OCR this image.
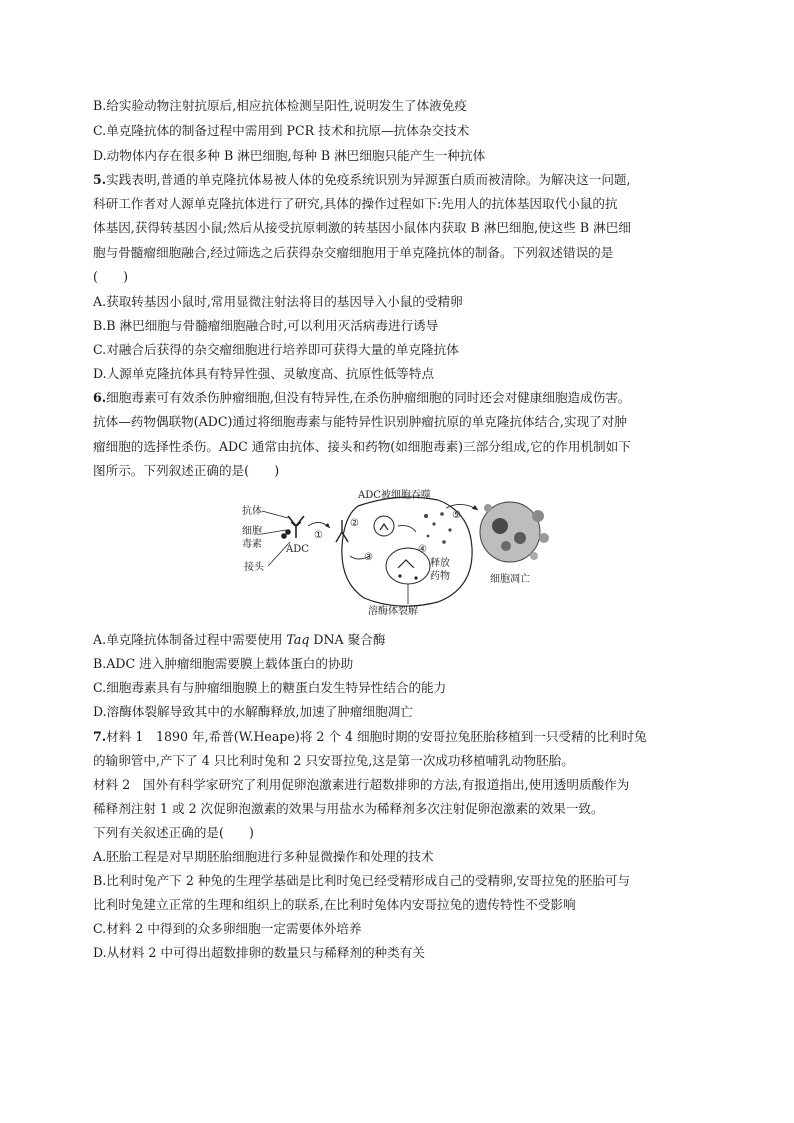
B.给实验动物注射抗原后,相应抗体检测呈阳性,说明发生了体液免疫
C.单克隆抗体的制备过程中需用到 PCR 技术和抗原—抗体杂交技术
D.动物体内存在很多种 B 淋巴细胞,每种 B 淋巴细胞只能产生一种抗体
5.实践表明,普通的单克隆抗体易被人体的免疫系统识别为异源蛋白质而被清除。为解决这一问题,
科研工作者对人源单克隆抗体进行了研究,具体的操作过程如下:先用人的抗体基因取代小鼠的抗
体基因,获得转基因小鼠;然后从接受抗原刺激的转基因小鼠体内获取 B 淋巴细胞,使这些 B 淋巴细
胞与骨髓瘤细胞融合,经过筛选之后获得杂交瘤细胞用于单克隆抗体的制备。下列叙述错误的是
(　　)
A.获取转基因小鼠时,常用显微注射法将目的基因导入小鼠的受精卵
B.B 淋巴细胞与骨髓瘤细胞融合时,可以利用灭活病毒进行诱导
C.对融合后获得的杂交瘤细胞进行培养即可获得大量的单克隆抗体
D.人源单克隆抗体具有特异性强、灵敏度高、抗原性低等特点
6.细胞毒素可有效杀伤肿瘤细胞,但没有特异性,在杀伤肿瘤细胞的同时还会对健康细胞造成伤害。
抗体—药物偶联物(ADC)通过将细胞毒素与能特异性识别肿瘤抗原的单克隆抗体结合,实现了对肿
瘤细胞的选择性杀伤。ADC 通常由抗体、接头和药物(如细胞毒素)三部分组成,它的作用机制如下
图所示。下列叙述正确的是(　　)
A.单克隆抗体制备过程中需要使用 Taq DNA 聚合酶
B.ADC 进入肿瘤细胞需要膜上载体蛋白的协助
C.细胞毒素具有与肿瘤细胞膜上的糖蛋白发生特异性结合的能力
D.溶酶体裂解导致其中的水解酶释放,加速了肿瘤细胞凋亡
7.材料 1　1890 年,希普(W.Heape)将 2 个 4 细胞时期的安哥拉兔胚胎移植到一只受精的比利时兔
的输卵管中,产下了 4 只比利时兔和 2 只安哥拉兔,这是第一次成功移植哺乳动物胚胎。
材料 2　国外有科学家研究了利用促卵泡激素进行超数排卵的方法,有报道指出,使用透明质酸作为
稀释剂注射 1 或 2 次促卵泡激素的效果与用盐水为稀释剂多次注射促卵泡激素的效果一致。
下列有关叙述正确的是(　　)
A.胚胎工程是对早期胚胎细胞进行多种显微操作和处理的技术
B.比利时兔产下 2 种兔的生理学基础是比利时兔已经受精形成自己的受精卵,安哥拉兔的胚胎可与
比利时兔建立正常的生理和组织上的联系,在比利时兔体内安哥拉兔的遗传特性不受影响
C.材料 2 中得到的众多卵细胞一定需要体外培养
D.从材料 2 中可得出超数排卵的数量只与稀释剂的种类有关
抗体
细胞
毒素 ADC
接头
①
ADC被细胞吞噬
②
③
④
释放
药物
溶酶体裂解
⑤
细胞凋亡
